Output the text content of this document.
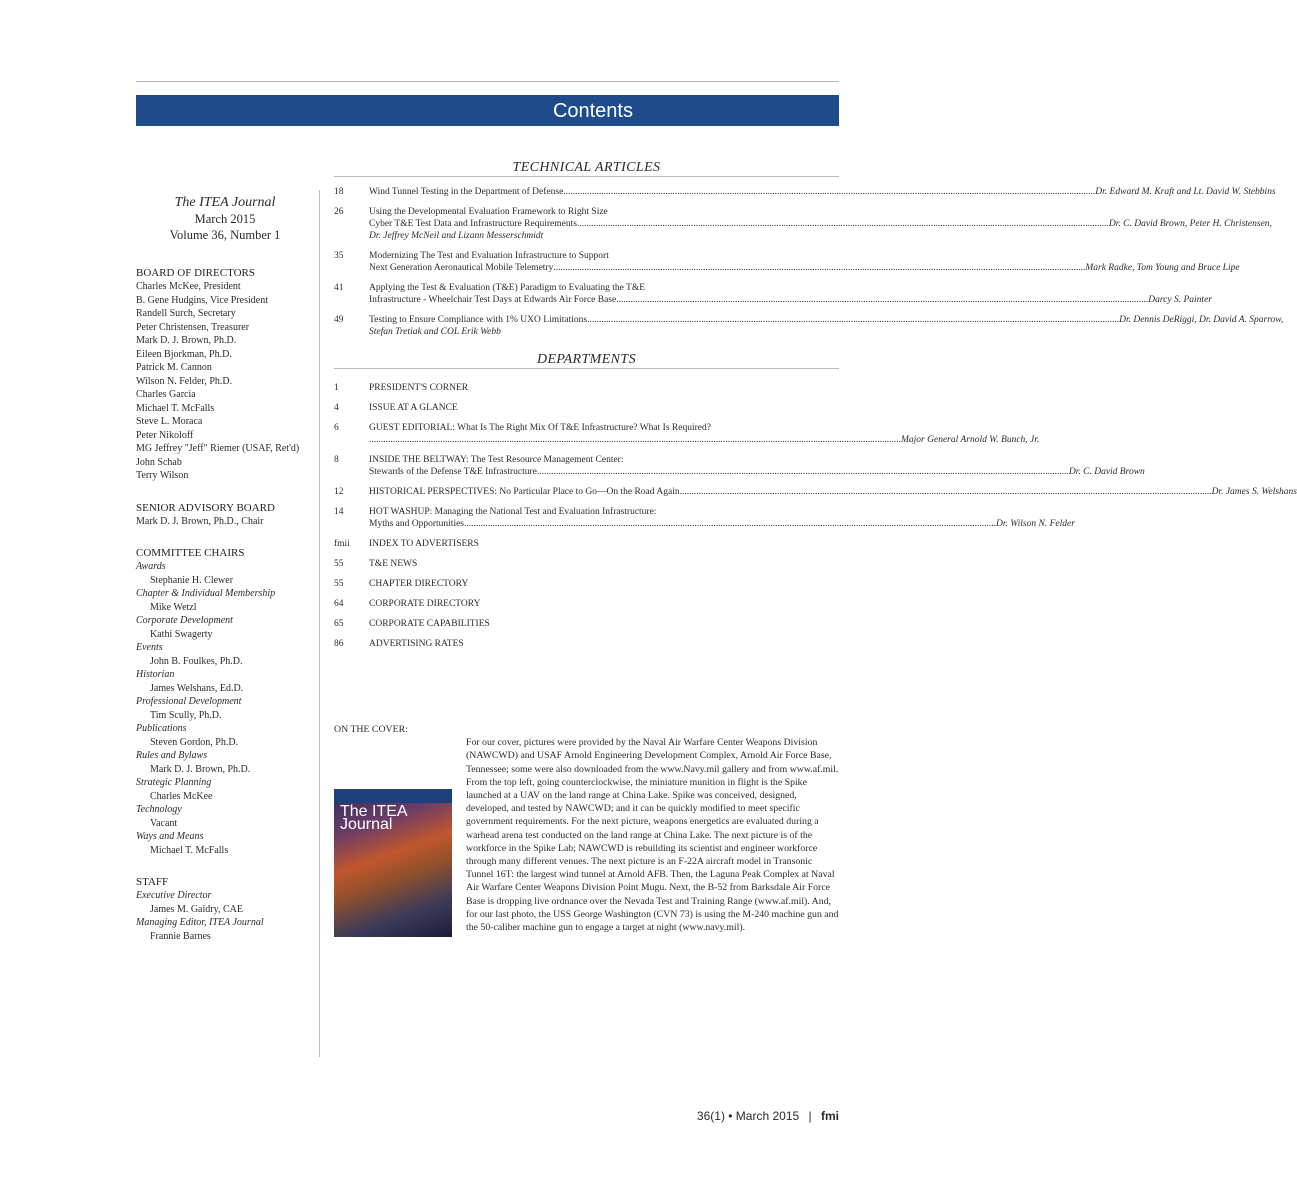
Contents
The ITEA Journal
March 2015
Volume 36, Number 1
BOARD OF DIRECTORS
Charles McKee, President
B. Gene Hudgins, Vice President
Randell Surch, Secretary
Peter Christensen, Treasurer
Mark D. J. Brown, Ph.D.
Eileen Bjorkman, Ph.D.
Patrick M. Cannon
Wilson N. Felder, Ph.D.
Charles Garcia
Michael T. McFalls
Steve L. Moraca
Peter Nikoloff
MG Jeffrey "Jeff" Riemer (USAF, Ret'd)
John Schab
Terry Wilson
SENIOR ADVISORY BOARD
Mark D. J. Brown, Ph.D., Chair
COMMITTEE CHAIRS
Awards
Stephanie H. Clewer
Chapter & Individual Membership
Mike Wetzl
Corporate Development
Kathi Swagerty
Events
John B. Foulkes, Ph.D.
Historian
James Welshans, Ed.D.
Professional Development
Tim Scully, Ph.D.
Publications
Steven Gordon, Ph.D.
Rules and Bylaws
Mark D. J. Brown, Ph.D.
Strategic Planning
Charles McKee
Technology
Vacant
Ways and Means
Michael T. McFalls
STAFF
Executive Director
James M. Gaidry, CAE
Managing Editor, ITEA Journal
Frannie Barnes
TECHNICAL ARTICLES
18	Wind Tunnel Testing in the Department of Defense .....	Dr. Edward M. Kraft and Lt. David W. Stebbins
26	Using the Developmental Evaluation Framework to Right Size
Cyber T&E Test Data and Infrastructure Requirements .....	Dr. C. David Brown, Peter H. Christensen,
Dr. Jeffrey McNeil and Lizann Messerschmidt
35	Modernizing The Test and Evaluation Infrastructure to Support
Next Generation Aeronautical Mobile Telemetry .....	Mark Radke, Tom Young and Bruce Lipe
41	Applying the Test & Evaluation (T&E) Paradigm to Evaluating the T&E
Infrastructure - Wheelchair Test Days at Edwards Air Force Base .....	Darcy S. Painter
49	Testing to Ensure Compliance with 1% UXO Limitations .....	Dr. Dennis DeRiggi, Dr. David A. Sparrow,
Stefan Tretiak and COL Erik Webb
DEPARTMENTS
1	PRESIDENT'S CORNER
4	ISSUE AT A GLANCE
6	GUEST EDITORIAL: What Is The Right Mix Of T&E Infrastructure? What Is Required?
.....
Major General Arnold W. Bunch, Jr.
8	INSIDE THE BELTWAY: The Test Resource Management Center:
Stewards of the Defense T&E Infrastructure .....	Dr. C. David Brown
12	HISTORICAL PERSPECTIVES: No Particular Place to Go—On the Road Again .....	Dr. James S. Welshans
14	HOT WASHUP: Managing the National Test and Evaluation Infrastructure:
Myths and Opportunities .....	Dr. Wilson N. Felder
fmii	INDEX TO ADVERTISERS
55	T&E NEWS
55	CHAPTER DIRECTORY
64	CORPORATE DIRECTORY
65	CORPORATE CAPABILITIES
86	ADVERTISING RATES
ON THE COVER:
The ITEA Journal
For our cover, pictures were provided by the Naval Air Warfare Center Weapons Division (NAWCWD) and USAF Arnold Engineering Development Complex, Arnold Air Force Base, Tennessee; some were also downloaded from the www.Navy.mil gallery and from www.af.mil. From the top left, going counterclockwise, the miniature munition in flight is the Spike launched at a UAV on the land range at China Lake. Spike was conceived, designed, developed, and tested by NAWCWD; and it can be quickly modified to meet specific government requirements. For the next picture, weapons energetics are evaluated during a warhead arena test conducted on the land range at China Lake. The next picture is of the workforce in the Spike Lab; NAWCWD is rebuilding its scientist and engineer workforce through many different venues. The next picture is an F-22A aircraft model in Transonic Tunnel 16T: the largest wind tunnel at Arnold AFB. Then, the Laguna Peak Complex at Naval Air Warfare Center Weapons Division Point Mugu. Next, the B-52 from Barksdale Air Force Base is dropping live ordnance over the Nevada Test and Training Range (www.af.mil). And, for our last photo, the USS George Washington (CVN 73) is using the M-240 machine gun and the 50-caliber machine gun to engage a target at night (www.navy.mil).
36(1) • March 2015 | fmi
